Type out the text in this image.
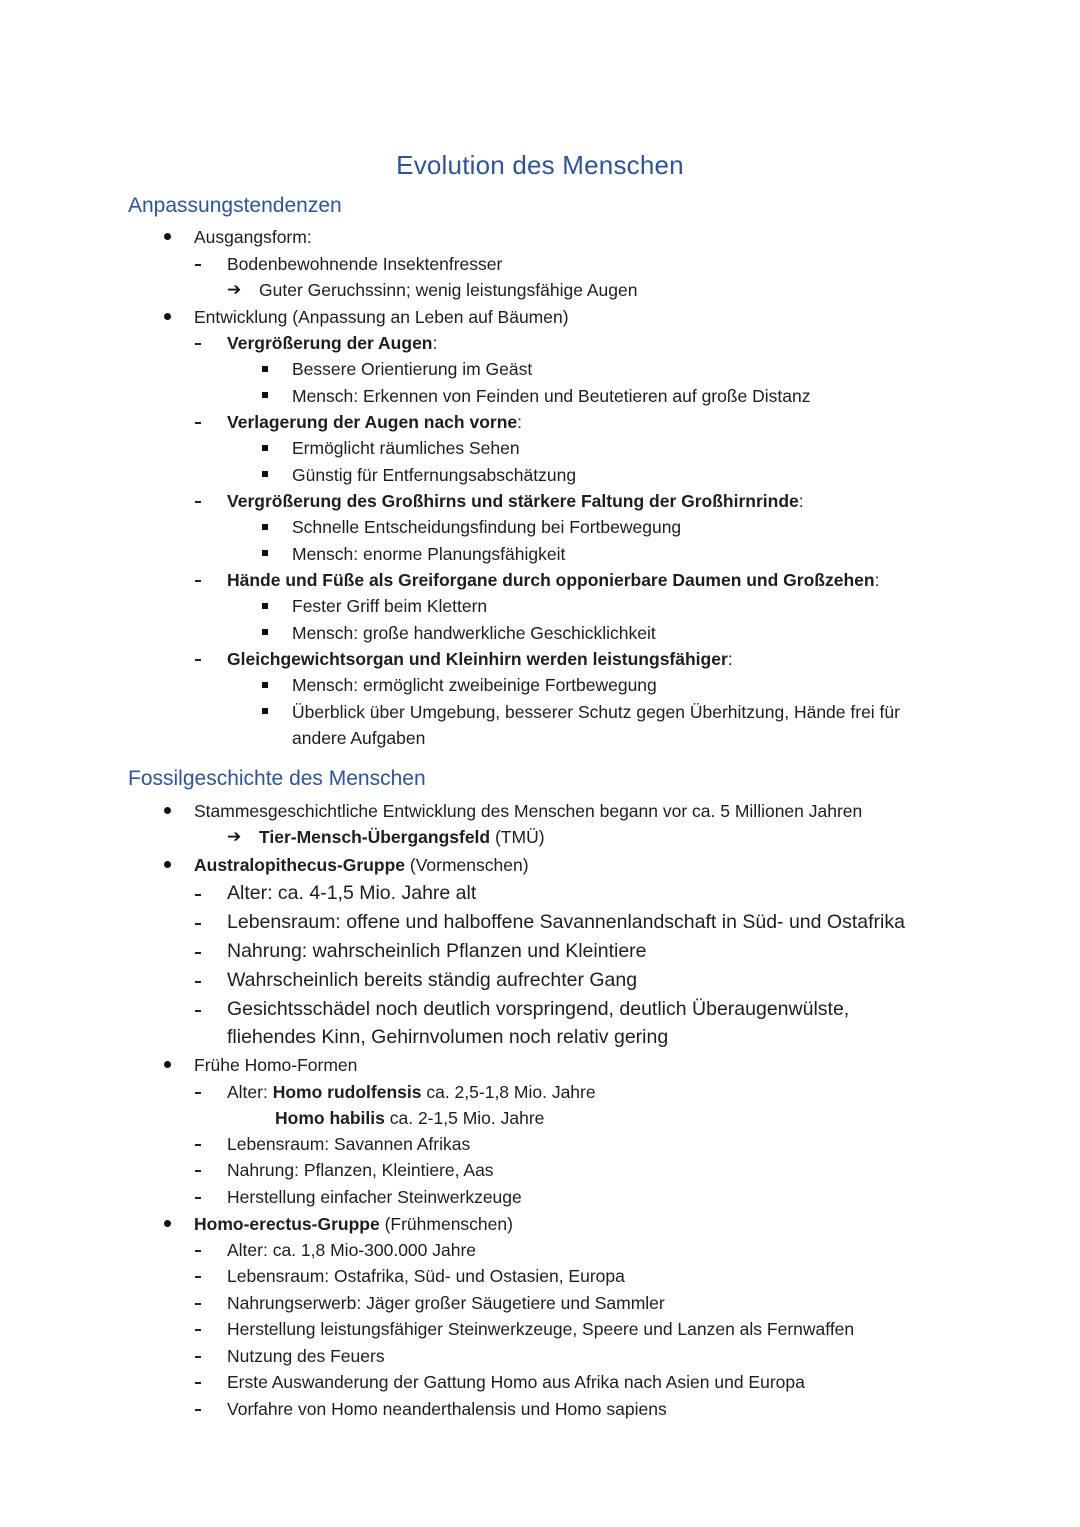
Evolution des Menschen
Anpassungstendenzen
Ausgangsform:
Bodenbewohnende Insektenfresser
➔ Guter Geruchssinn; wenig leistungsfähige Augen
Entwicklung (Anpassung an Leben auf Bäumen)
Vergrößerung der Augen:
Bessere Orientierung im Geäst
Mensch: Erkennen von Feinden und Beutetieren auf große Distanz
Verlagerung der Augen nach vorne:
Ermöglicht räumliches Sehen
Günstig für Entfernungsabschätzung
Vergrößerung des Großhirns und stärkere Faltung der Großhirnrinde:
Schnelle Entscheidungsfindung bei Fortbewegung
Mensch: enorme Planungsfähigkeit
Hände und Füße als Greiforgane durch opponierbare Daumen und Großzehen:
Fester Griff beim Klettern
Mensch: große handwerkliche Geschicklichkeit
Gleichgewichtsorgan und Kleinhirn werden leistungsfähiger:
Mensch: ermöglicht zweibeinige Fortbewegung
Überblick über Umgebung, besserer Schutz gegen Überhitzung, Hände frei für
andere Aufgaben
Fossilgeschichte des Menschen
Stammesgeschichtliche Entwicklung des Menschen begann vor ca. 5 Millionen Jahren
➔ Tier-Mensch-Übergangsfeld (TMÜ)
Australopithecus-Gruppe (Vormenschen)
Alter: ca. 4-1,5 Mio. Jahre alt
Lebensraum: offene und halboffene Savannenlandschaft in Süd- und Ostafrika
Nahrung: wahrscheinlich Pflanzen und Kleintiere
Wahrscheinlich bereits ständig aufrechter Gang
Gesichtsschädel noch deutlich vorspringend, deutlich Überaugenwülste,
fliehendes Kinn, Gehirnvolumen noch relativ gering
Frühe Homo-Formen
Alter: Homo rudolfensis ca. 2,5-1,8 Mio. Jahre
Homo habilis ca. 2-1,5 Mio. Jahre
Lebensraum: Savannen Afrikas
Nahrung: Pflanzen, Kleintiere, Aas
Herstellung einfacher Steinwerkzeuge
Homo-erectus-Gruppe (Frühmenschen)
Alter: ca. 1,8 Mio-300.000 Jahre
Lebensraum: Ostafrika, Süd- und Ostasien, Europa
Nahrungserwerb: Jäger großer Säugetiere und Sammler
Herstellung leistungsfähiger Steinwerkzeuge, Speere und Lanzen als Fernwaffen
Nutzung des Feuers
Erste Auswanderung der Gattung Homo aus Afrika nach Asien und Europa
Vorfahre von Homo neanderthalensis und Homo sapiens
